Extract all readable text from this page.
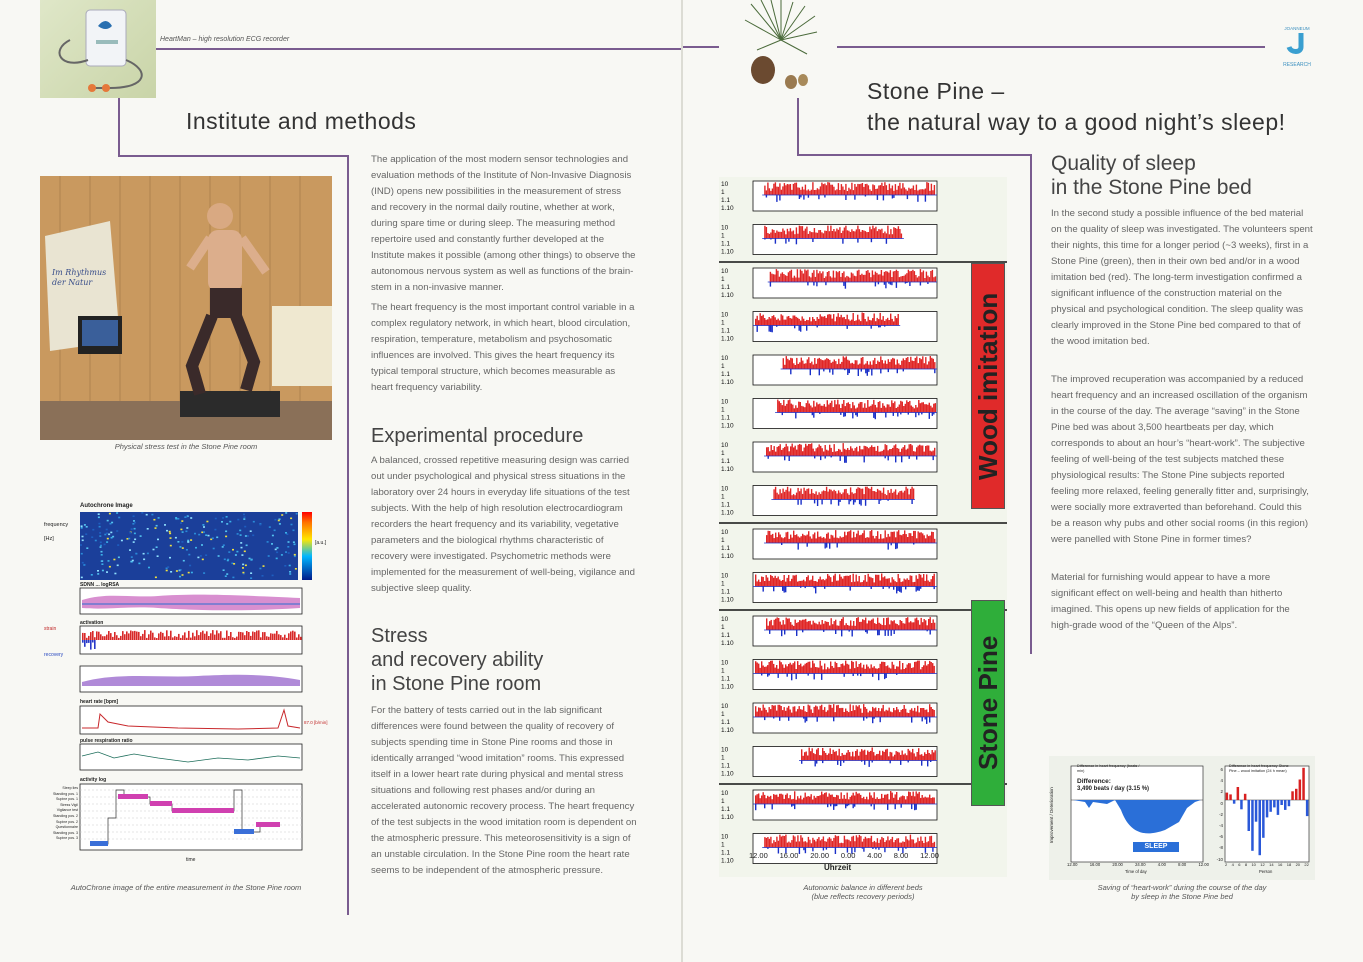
HeartMan – high resolution ECG recorder
Institute and methods
Im Rhythmus der Natur
Physical stress test in the Stone Pine room
Autochrone Image
frequency
[Hz]
[a.u.]
SDNN ... logRSA
activation
strain
recovery
heart rate [bpm]
87.0 [b/min]
pulse respiration ratio
activity log
Sleep lies
Standing pos. 1
Supine pos. 1
Stress Vigil
Vigilance test
Standing pos. 2
Supine pos. 2
Questionnaire
Standing pos. 3
Supine pos. 3
time
AutoChrone image of the entire measurement in the Stone Pine room

The application of the most modern sensor technologies and evaluation methods of the Institute of Non-Invasive Diagnosis (IND) opens new possibilities in the measurement of stress and recovery in the normal daily routine, whether at work, during spare time or during sleep. The measuring method repertoire used and constantly further developed at the Institute makes it possible (among other things) to observe the autonomous nervous system as well as functions of the brain-stem in a non-invasive manner.

The heart frequency is the most important control variable in a complex regulatory network, in which heart, blood circulation, respiration, temperature, metabolism and psychosomatic influences are involved. This gives the heart frequency its typical temporal structure, which becomes measurable as heart frequency variability.

Experimental procedure
A balanced, crossed repetitive measuring design was carried out under psychological and physical stress situations in the laboratory over 24 hours in everyday life situations of the test subjects. With the help of high resolution electrocardiogram recorders the heart frequency and its variability, vegetative parameters and the biological rhythms characteristic of recovery were investigated. Psychometric methods were implemented for the measurement of well-being, vigilance and subjective sleep quality.
Stress
and recovery ability
in Stone Pine room
For the battery of tests carried out in the lab significant differences were found between the quality of recovery of subjects spending time in Stone Pine rooms and those in identically arranged “wood imitation” rooms. This expressed itself in a lower heart rate during physical and mental stress situations and following rest phases and/or during an accelerated autonomic recovery process. The heart frequency of the test subjects in the wood imitation room is dependent on the atmospheric pressure. This meteorosensitivity is a sign of an unstable circulation. In the Stone Pine room the heart rate seems to be independent of the atmospheric pressure.
JOANNEUM
RESEARCH
Stone Pine –
the natural way to a good night’s sleep!
10
1
1.1
1.10
10
1
1.1
1.10
10
1
1.1
1.10
10
1
1.1
1.10
10
1
1.1
1.10
10
1
1.1
1.10
10
1
1.1
1.10
10
1
1.1
1.10
10
1
1.1
1.10
10
1
1.1
1.10
10
1
1.1
1.10
10
1
1.1
1.10
10
1
1.1
1.10
10
1
1.1
1.10
10
1
1.1
1.10
10
1
1.1
1.10
Wood imitation
Stone Pine
12.00 16.00 20.00 0.00 4.00 8.00 12.00
Uhrzeit
Autonomic balance in different beds
(blue reflects recovery periods)
Quality of sleep
in the Stone Pine bed

In the second study a possible influence of the bed material on the quality of sleep was investigated. The volunteers spent their nights, this time for a longer period (~3 weeks), first in a Stone Pine (green), then in their own bed and/or in a wood imitation bed (red). The long-term investigation confirmed a significant influence of the construction material on the physical and psychological condition. The sleep quality was clearly improved in the Stone Pine bed compared to that of the wood imitation bed.

The improved recuperation was accompanied by a reduced heart frequency and an increased oscillation of the organism in the course of the day. The average “saving” in the Stone Pine bed was about 3,500 heartbeats per day, which corresponds to about an hour’s “heart-work”. The subjective feeling of well-being of the test subjects matched these physiological results: The Stone Pine subjects reported feeling more relaxed, feeling generally fitter and, surprisingly, were socially more extraverted than beforehand. Could this be a reason why pubs and other social rooms (in this region) were panelled with Stone Pine in former times?

Material for furnishing would appear to have a more significant effect on well-being and health than hitherto imagined. This opens up new fields of application for the high-grade wood of the “Queen of the Alps”.

Difference in heart frequency (beats / min)
Difference:
3,490 beats / day (3.15 %)
SLEEP
Improvement / Deterioration
12.00	16.00	20.00	24.00	4.00	8.00	12.00
Time of day
Difference in heart frequency Stone Pine – wood imitation (24 h mean)
6
4
2
0
-2
-4
-6
-8
-10
2 4 6 8 10 12 14 16 18 20 22
Person
Saving of “heart-work” during the course of the day
by sleep in the Stone Pine bed
